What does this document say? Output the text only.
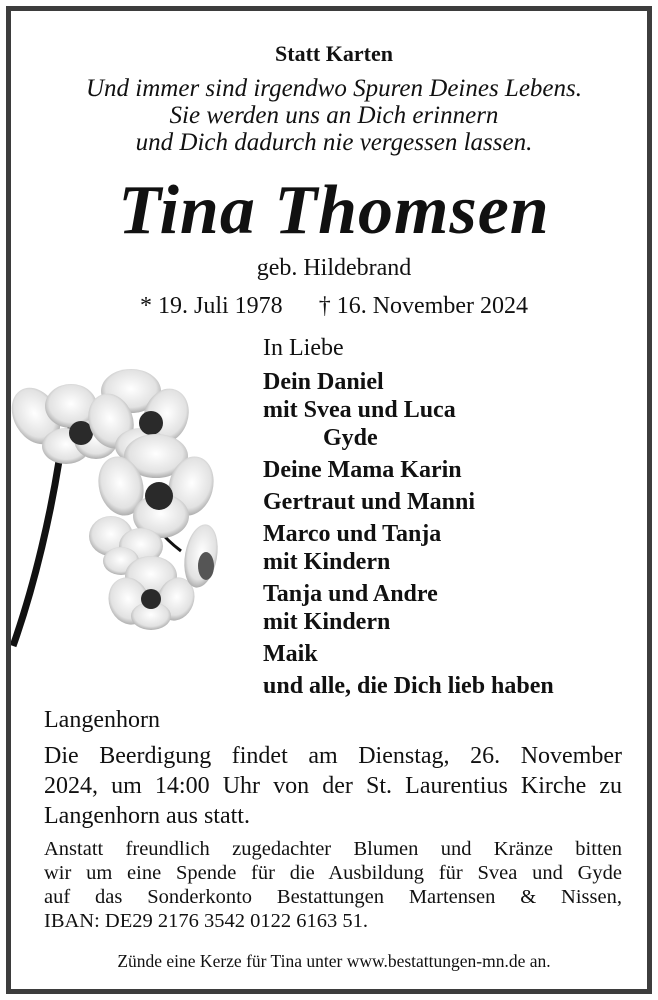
Statt Karten
Und immer sind irgendwo Spuren Deines Lebens.
Sie werden uns an Dich erinnern
und Dich dadurch nie vergessen lassen.
Tina Thomsen
geb. Hildebrand
* 19. Juli 1978 † 16. November 2024
In Liebe
Dein Daniel
mit Svea und Luca
Gyde
Deine Mama Karin
Gertraut und Manni
Marco und Tanja
mit Kindern
Tanja und Andre
mit Kindern
Maik
und alle, die Dich lieb haben
Langenhorn
Die Beerdigung findet am Dienstag, 26. November
2024, um 14:00 Uhr von der St. Laurentius Kirche zu
Langenhorn aus statt.
Anstatt freundlich zugedachter Blumen und Kränze bitten
wir um eine Spende für die Ausbildung für Svea und Gyde
auf das Sonderkonto Bestattungen Martensen & Nissen,
IBAN: DE29 2176 3542 0122 6163 51.
Zünde eine Kerze für Tina unter www.bestattungen-mn.de an.
